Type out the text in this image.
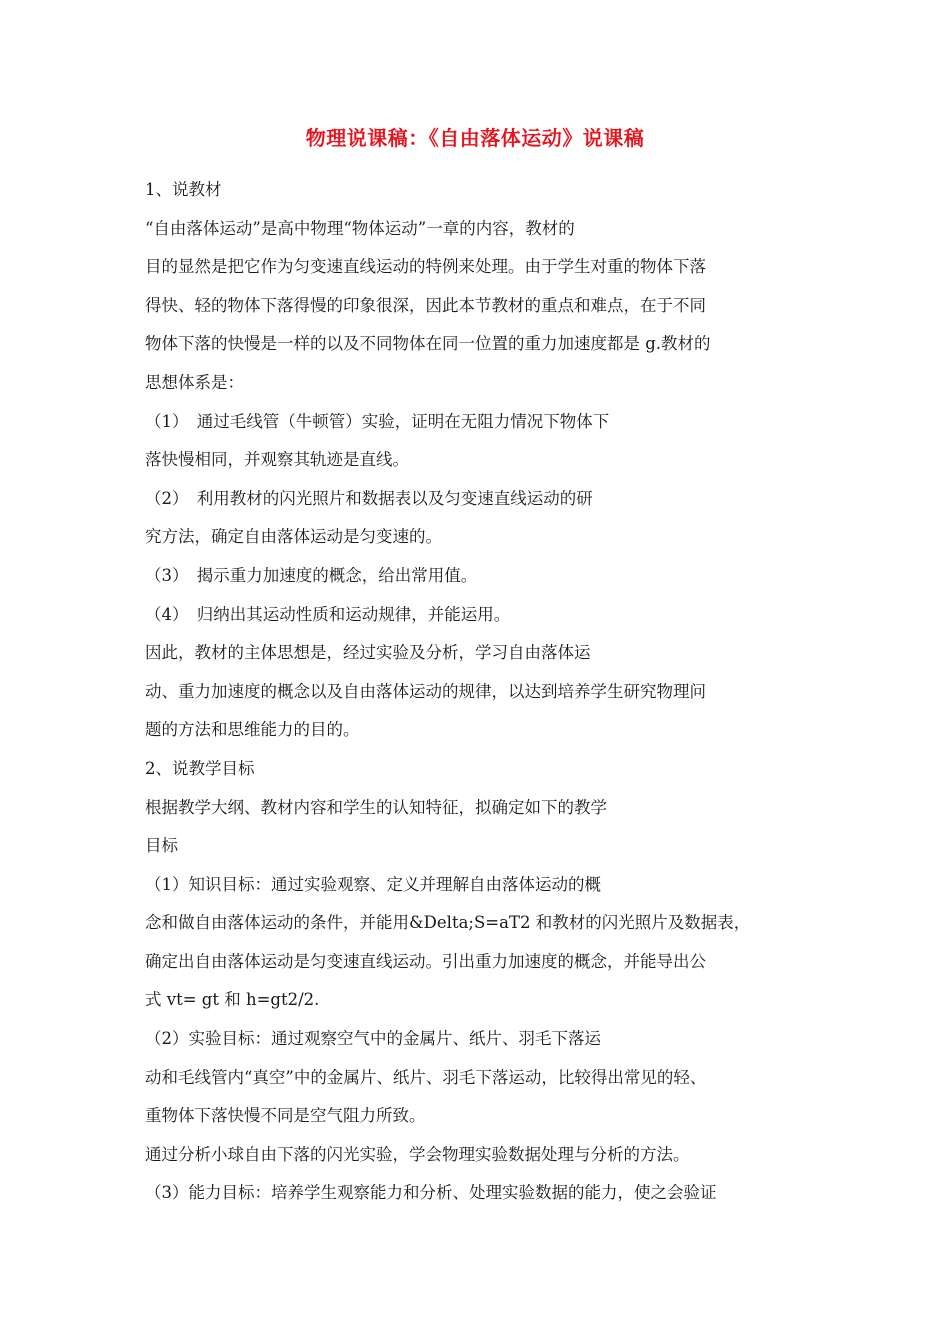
物理说课稿：《自由落体运动》说课稿
1、说教材
“自由落体运动”是高中物理“物体运动”一章的内容，教材的
目的显然是把它作为匀变速直线运动的特例来处理。由于学生对重的物体下落
得快、轻的物体下落得慢的印象很深，因此本节教材的重点和难点，在于不同
物体下落的快慢是一样的以及不同物体在同一位置的重力加速度都是 g.教材的
思想体系是：
（1）　通过毛线管（牛顿管）实验，证明在无阻力情况下物体下
落快慢相同，并观察其轨迹是直线。
（2）　利用教材的闪光照片和数据表以及匀变速直线运动的研
究方法，确定自由落体运动是匀变速的。
（3）　揭示重力加速度的概念，给出常用值。
（4）　归纳出其运动性质和运动规律，并能运用。
因此，教材的主体思想是，经过实验及分析，学习自由落体运
动、重力加速度的概念以及自由落体运动的规律，以达到培养学生研究物理问
题的方法和思维能力的目的。
2、说教学目标
根据教学大纲、教材内容和学生的认知特征，拟确定如下的教学
目标
（1）知识目标：通过实验观察、定义并理解自由落体运动的概
念和做自由落体运动的条件，并能用&Delta;S=aT2 和教材的闪光照片及数据表，
确定出自由落体运动是匀变速直线运动。引出重力加速度的概念，并能导出公
式 vt= gt 和 h=gt2/2.
（2）实验目标：通过观察空气中的金属片、纸片、羽毛下落运
动和毛线管内“真空”中的金属片、纸片、羽毛下落运动，比较得出常见的轻、
重物体下落快慢不同是空气阻力所致。
通过分析小球自由下落的闪光实验，学会物理实验数据处理与分析的方法。
（3）能力目标：培养学生观察能力和分析、处理实验数据的能力，使之会验证
